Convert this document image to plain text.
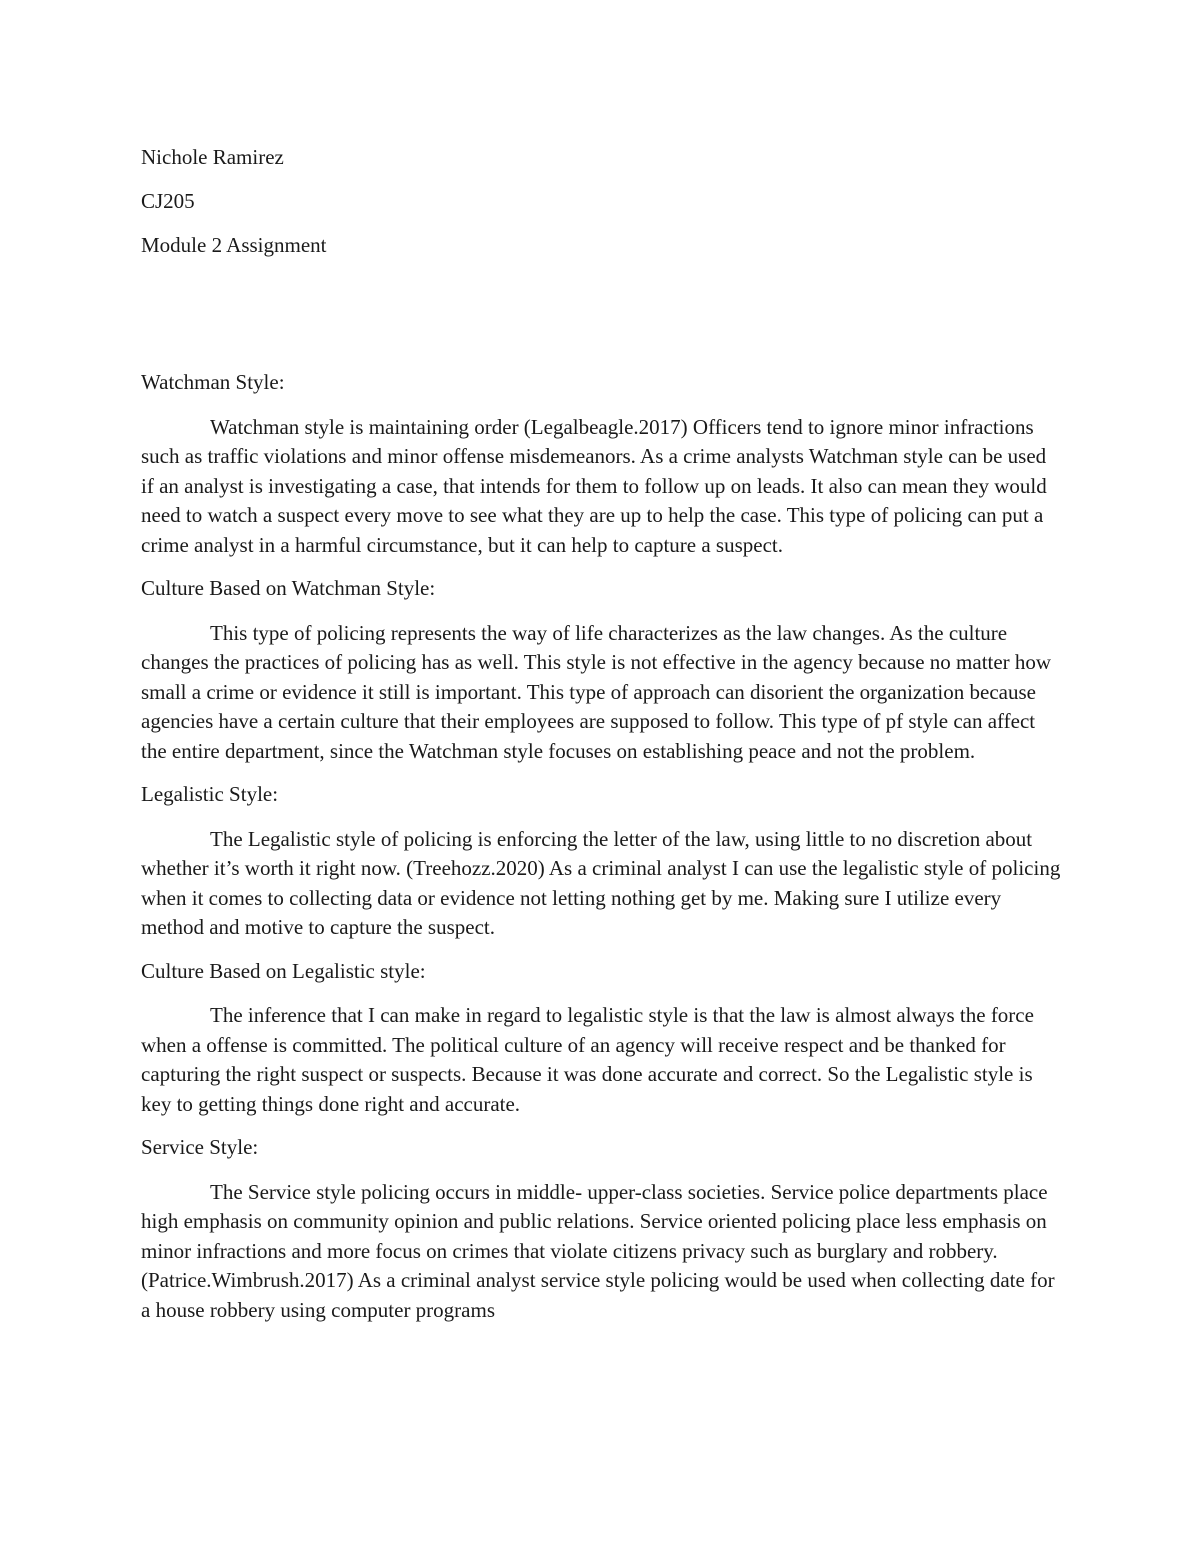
Nichole Ramirez
CJ205
Module 2 Assignment
Watchman Style:

Watchman style is maintaining order (Legalbeagle.2017) Officers tend to ignore minor infractions such as traffic violations and minor offense misdemeanors. As a crime analysts Watchman style can be used if an analyst is investigating a case, that intends for them to follow up on leads. It also can mean they would need to watch a suspect every move to see what they are up to help the case. This type of policing can put a crime analyst in a harmful circumstance, but it can help to capture a suspect.

Culture Based on Watchman Style:

This type of policing represents the way of life characterizes as the law changes. As the culture changes the practices of policing has as well. This style is not effective in the agency because no matter how small a crime or evidence it still is important. This type of approach can disorient the organization because agencies have a certain culture that their employees are supposed to follow. This type of pf style can affect the entire department, since the Watchman style focuses on establishing peace and not the problem.

Legalistic Style:

The Legalistic style of policing is enforcing the letter of the law, using little to no discretion about whether it’s worth it right now. (Treehozz.2020) As a criminal analyst I can use the legalistic style of policing when it comes to collecting data or evidence not letting nothing get by me. Making sure I utilize every method and motive to capture the suspect.

Culture Based on Legalistic style:

The inference that I can make in regard to legalistic style is that the law is almost always the force when a offense is committed. The political culture of an agency will receive respect and be thanked for capturing the right suspect or suspects. Because it was done accurate and correct. So the Legalistic style is key to getting things done right and accurate.

Service Style:

The Service style policing occurs in middle- upper-class societies. Service police departments place high emphasis on community opinion and public relations. Service oriented policing place less emphasis on minor infractions and more focus on crimes that violate citizens privacy such as burglary and robbery. (Patrice.Wimbrush.2017) As a criminal analyst service style policing would be used when collecting date for a house robbery using computer programs
